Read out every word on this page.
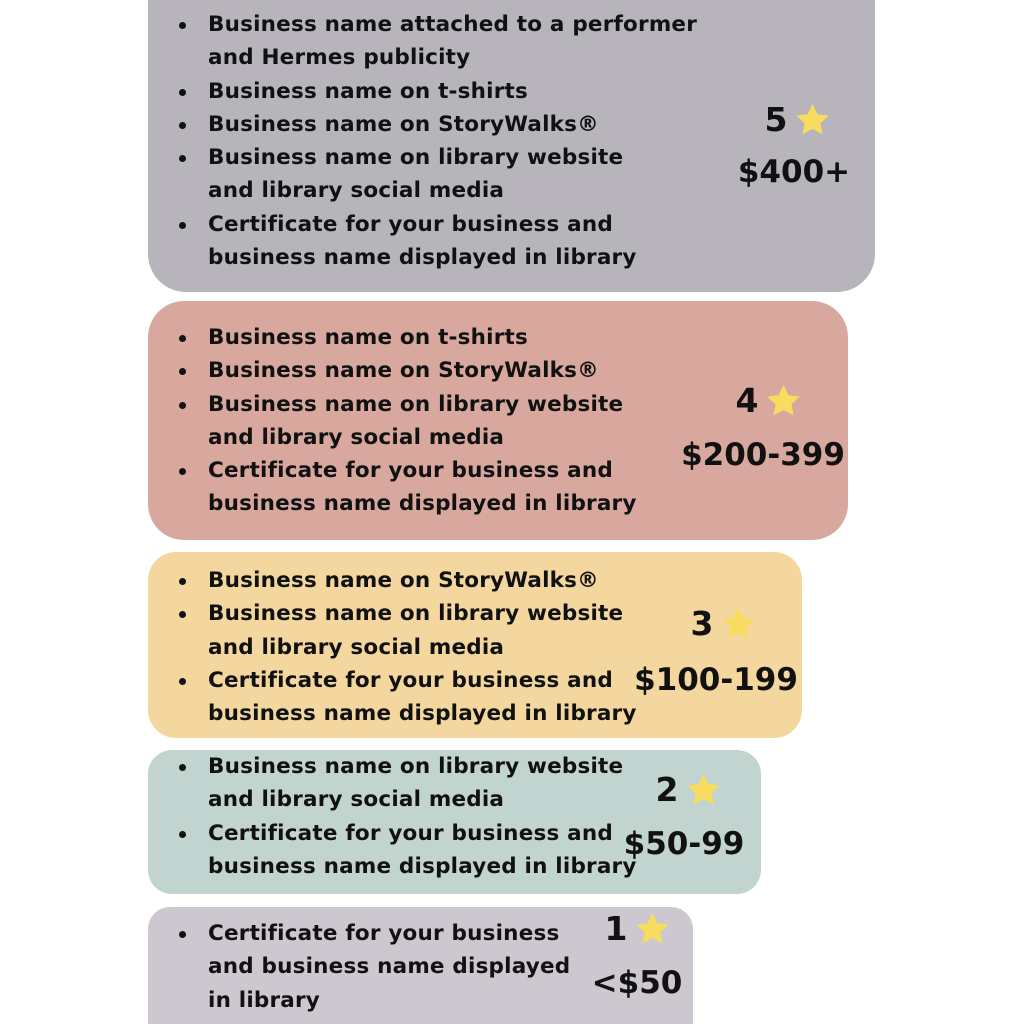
Business name attached to a performer
and Hermes publicity
Business name on t-shirts
Business name on StoryWalks®
Business name on library website
and library social media
Certificate for your business and
business name displayed in library
5
$400+
Business name on t-shirts
Business name on StoryWalks®
Business name on library website
and library social media
Certificate for your business and
business name displayed in library
4
$200-399
Business name on StoryWalks®
Business name on library website
and library social media
Certificate for your business and
business name displayed in library
3
$100-199
Business name on library website
and library social media
Certificate for your business and
business name displayed in library
2
$50-99
Certificate for your business
and business name displayed
in library
1
<$50
